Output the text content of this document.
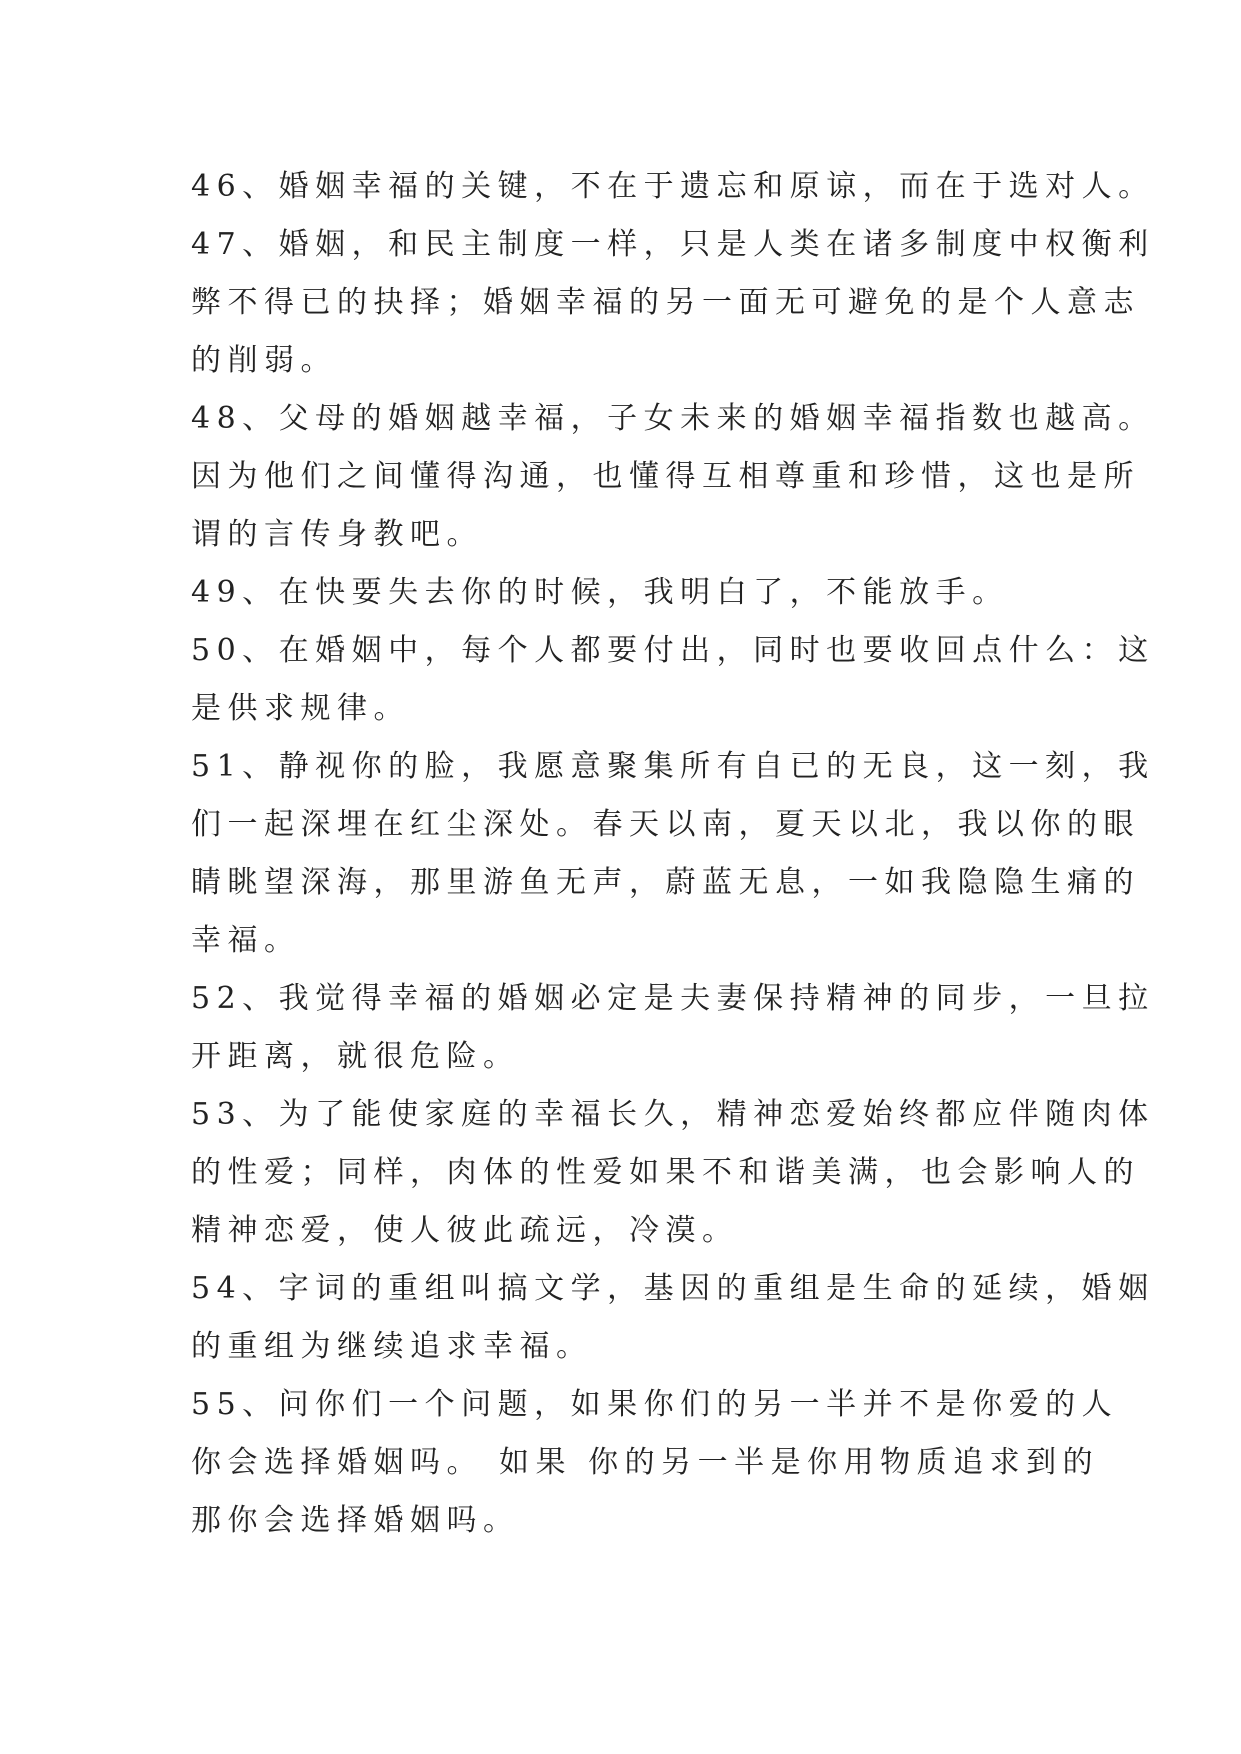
46、婚姻幸福的关键，不在于遗忘和原谅，而在于选对人。
47、婚姻，和民主制度一样，只是人类在诸多制度中权衡利
弊不得已的抉择；婚姻幸福的另一面无可避免的是个人意志
的削弱。
48、父母的婚姻越幸福，子女未来的婚姻幸福指数也越高。
因为他们之间懂得沟通，也懂得互相尊重和珍惜，这也是所
谓的言传身教吧。
49、在快要失去你的时候，我明白了，不能放手。
50、在婚姻中，每个人都要付出，同时也要收回点什么：这
是供求规律。
51、静视你的脸，我愿意聚集所有自已的无良，这一刻，我
们一起深埋在红尘深处。春天以南，夏天以北，我以你的眼
睛眺望深海，那里游鱼无声，蔚蓝无息，一如我隐隐生痛的
幸福。
52、我觉得幸福的婚姻必定是夫妻保持精神的同步，一旦拉
开距离，就很危险。
53、为了能使家庭的幸福长久，精神恋爱始终都应伴随肉体
的性爱；同样，肉体的性爱如果不和谐美满，也会影响人的
精神恋爱，使人彼此疏远，冷漠。
54、字词的重组叫搞文学，基因的重组是生命的延续，婚姻
的重组为继续追求幸福。
55、问你们一个问题，如果你们的另一半并不是你爱的人
你会选择婚姻吗。 如果 你的另一半是你用物质追求到的
那你会选择婚姻吗。
